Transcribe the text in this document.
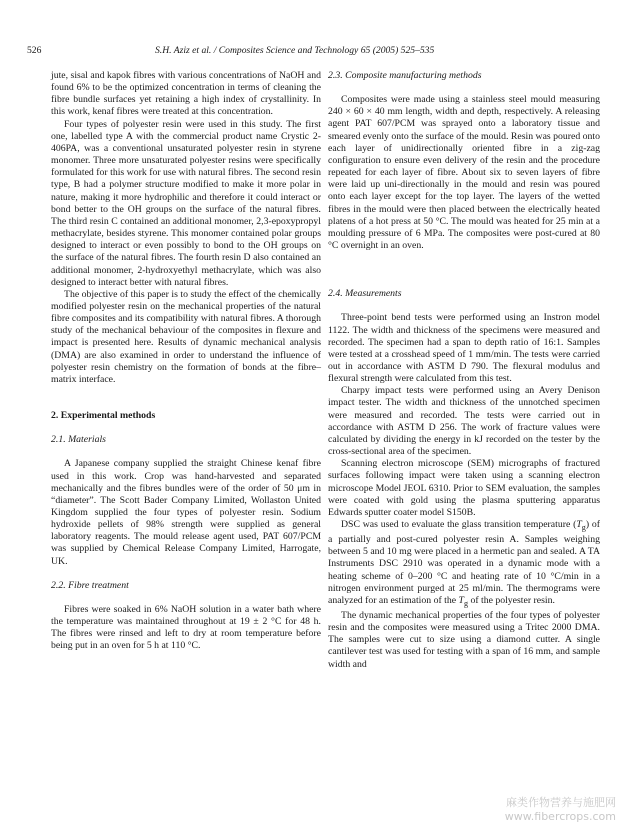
526	S.H. Aziz et al. / Composites Science and Technology 65 (2005) 525–535

jute, sisal and kapok fibres with various concentrations of NaOH and found 6% to be the optimized concentration in terms of cleaning the fibre bundle surfaces yet retaining a high index of crystallinity. In this work, kenaf fibres were treated at this concentration.

Four types of polyester resin were used in this study. The first one, labelled type A with the commercial product name Crystic 2-406PA, was a conventional unsaturated polyester resin in styrene monomer. Three more unsaturated polyester resins were specifically formulated for this work for use with natural fibres. The second resin type, B had a polymer structure modified to make it more polar in nature, making it more hydrophilic and therefore it could interact or bond better to the OH groups on the surface of the natural fibres. The third resin C contained an additional monomer, 2,3-epoxypropyl methacrylate, besides styrene. This monomer contained polar groups designed to interact or even possibly to bond to the OH groups on the surface of the natural fibres. The fourth resin D also contained an additional monomer, 2-hydroxyethyl methacrylate, which was also designed to interact better with natural fibres.

The objective of this paper is to study the effect of the chemically modified polyester resin on the mechanical properties of the natural fibre composites and its compatibility with natural fibres. A thorough study of the mechanical behaviour of the composites in flexure and impact is presented here. Results of dynamic mechanical analysis (DMA) are also examined in order to understand the influence of polyester resin chemistry on the formation of bonds at the fibre–matrix interface.

2. Experimental methods

2.1. Materials

A Japanese company supplied the straight Chinese kenaf fibre used in this work. Crop was hand-harvested and separated mechanically and the fibres bundles were of the order of 50 μm in “diameter”. The Scott Bader Company Limited, Wollaston United Kingdom supplied the four types of polyester resin. Sodium hydroxide pellets of 98% strength were supplied as general laboratory reagents. The mould release agent used, PAT 607/PCM was supplied by Chemical Release Company Limited, Harrogate, UK.

2.2. Fibre treatment

Fibres were soaked in 6% NaOH solution in a water bath where the temperature was maintained throughout at 19 ± 2 °C for 48 h. The fibres were rinsed and left to dry at room temperature before being put in an oven for 5 h at 110 °C.

2.3. Composite manufacturing methods

Composites were made using a stainless steel mould measuring 240 × 60 × 40 mm length, width and depth, respectively. A releasing agent PAT 607/PCM was sprayed onto a laboratory tissue and smeared evenly onto the surface of the mould. Resin was poured onto each layer of unidirectionally oriented fibre in a zig-zag configuration to ensure even delivery of the resin and the procedure repeated for each layer of fibre. About six to seven layers of fibre were laid up uni-directionally in the mould and resin was poured onto each layer except for the top layer. The layers of the wetted fibres in the mould were then placed between the electrically heated platens of a hot press at 50 °C. The mould was heated for 25 min at a moulding pressure of 6 MPa. The composites were post-cured at 80 °C overnight in an oven.

2.4. Measurements

Three-point bend tests were performed using an Instron model 1122. The width and thickness of the specimens were measured and recorded. The specimen had a span to depth ratio of 16:1. Samples were tested at a crosshead speed of 1 mm/min. The tests were carried out in accordance with ASTM D 790. The flexural modulus and flexural strength were calculated from this test.

Charpy impact tests were performed using an Avery Denison impact tester. The width and thickness of the unnotched specimen were measured and recorded. The tests were carried out in accordance with ASTM D 256. The work of fracture values were calculated by dividing the energy in kJ recorded on the tester by the cross-sectional area of the specimen.

Scanning electron microscope (SEM) micrographs of fractured surfaces following impact were taken using a scanning electron microscope Model JEOL 6310. Prior to SEM evaluation, the samples were coated with gold using the plasma sputtering apparatus Edwards sputter coater model S150B.

DSC was used to evaluate the glass transition temperature $(T_g)$ of a partially and post-cured polyester resin A. Samples weighing between 5 and 10 mg were placed in a hermetic pan and sealed. A TA Instruments DSC 2910 was operated in a dynamic mode with a heating scheme of 0–200 °C and heating rate of 10 °C/min in a nitrogen environment purged at 25 ml/min. The thermograms were analyzed for an estimation of the $T_g$ of the polyester resin.

The dynamic mechanical properties of the four types of polyester resin and the composites were measured using a Tritec 2000 DMA. The samples were cut to size using a diamond cutter. A single cantilever test was used for testing with a span of 16 mm, and sample width and

麻类作物营养与施肥网
www.fibercrops.com
